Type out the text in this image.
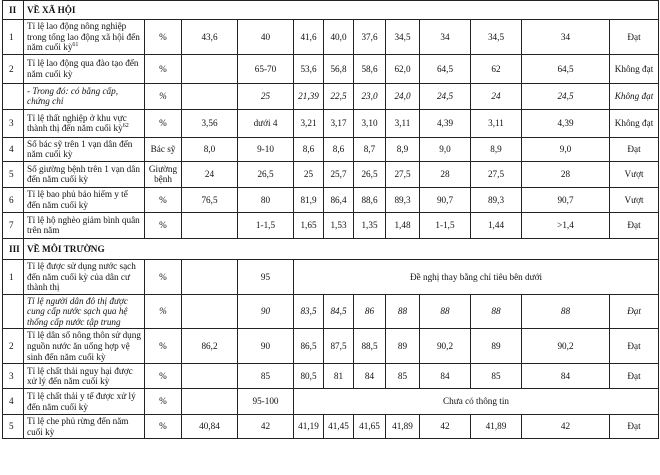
II	VỀ XÃ HỘI											
1	Tỉ lệ lao động nông nghiệp trong tổng lao động xã hội đến năm cuối kỳ$^{61}$	%	43,6	40	41,6	40,0	37,6	34,5	34	34,5	34	Đạt
2	Tỉ lệ lao động qua đào tạo đến năm cuối kỳ	%		65-70	53,6	56,8	58,6	62,0	64,5	62	64,5	Không đạt
	- Trong đó: có bằng cấp, chứng chỉ	%		25	21,39	22,5	23,0	24,0	24,5	24	24,5	Không đạt
3	Tỉ lệ thất nghiệp ở khu vực thành thị đến năm cuối kỳ$^{62}$	%	3,56	dưới 4	3,21	3,17	3,10	3,11	4,39	3,11	4,39	Không đạt
4	Số bác sỹ trên 1 vạn dân đến năm cuối kỳ	Bác sỹ	8,0	9-10	8,6	8,6	8,7	8,9	9,0	8,9	9,0	Đạt
5	Số giường bệnh trên 1 vạn dân đến năm cuối kỳ	Giường bệnh	24	26,5	25	25,7	26,5	27,5	28	27,5	28	Vượt
6	Tỉ lệ bao phủ bảo hiểm y tế đến năm cuối kỳ	%	76,5	80	81,9	86,4	88,6	89,3	90,7	89,3	90,7	Vượt
7	Tỉ lệ hộ nghèo giảm bình quân trên năm	%		1-1,5	1,65	1,53	1,35	1,48	1-1,5	1,44	>1,4	Đạt
III	VỀ MÔI TRƯỜNG											
1	Tỉ lệ được sử dụng nước sạch đến năm cuối kỳ của dân cư thành thị	%		95	Đề nghị thay bằng chỉ tiêu bên dưới							
	Tỉ lệ người dân đô thị được cung cấp nước sạch qua hệ thống cấp nước tập trung	%		90	83,5	84,5	86	88	88	88	88	Đạt
2	Tỉ lệ dân số nông thôn sử dụng nguồn nước ăn uống hợp vệ sinh đến năm cuối kỳ	%	86,2	90	86,5	87,5	88,5	89	90,2	89	90,2	Đạt
3	Tỉ lệ chất thải nguy hại được xử lý đến năm cuối kỳ	%		85	80,5	81	84	85	84	85	84	Đạt
4	Tỉ lệ chất thải y tế được xử lý đến năm cuối kỳ	%		95-100	Chưa có thông tin							
5	Tỉ lệ che phủ rừng đến năm cuối kỳ	%	40,84	42	41,19	41,45	41,65	41,89	42	41,89	42	Đạt
